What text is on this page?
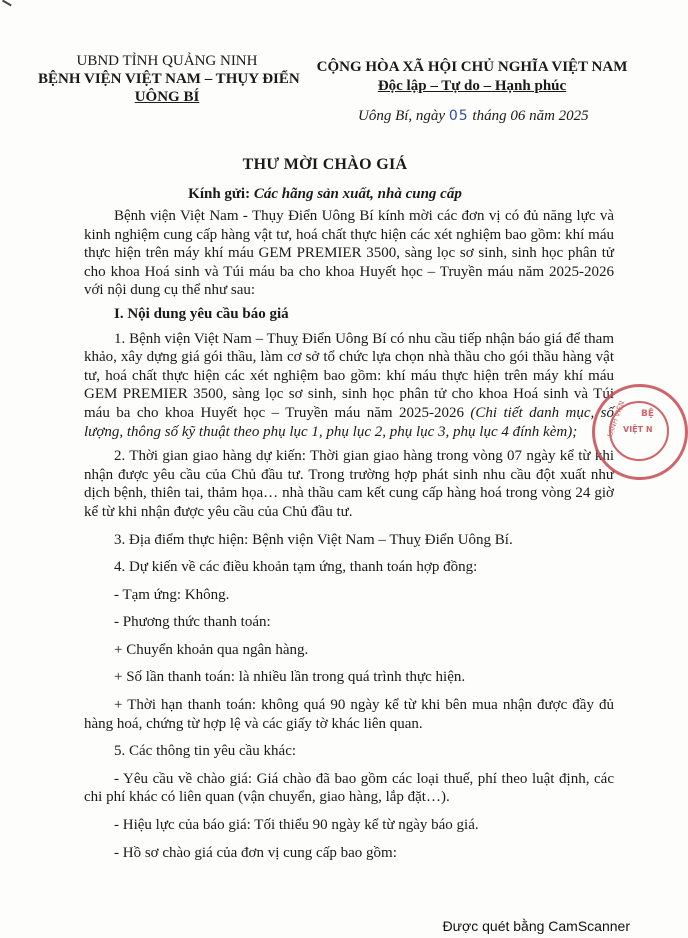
UBND TỈNH QUẢNG NINH
BỆNH VIỆN VIỆT NAM – THỤY ĐIỂN
UÔNG BÍ
CỘNG HÒA XÃ HỘI CHỦ NGHĨA VIỆT NAM
Độc lập – Tự do – Hạnh phúc
Uông Bí, ngày 05 tháng 06 năm 2025
THƯ MỜI CHÀO GIÁ
Kính gửi: Các hãng sản xuất, nhà cung cấp

Bệnh viện Việt Nam - Thụy Điển Uông Bí kính mời các đơn vị có đủ năng lực và kinh nghiệm cung cấp hàng vật tư, hoá chất thực hiện các xét nghiệm bao gồm: khí máu thực hiện trên máy khí máu GEM PREMIER 3500, sàng lọc sơ sinh, sinh học phân tử cho khoa Hoá sinh và Túi máu ba cho khoa Huyết học – Truyền máu năm 2025-2026 với nội dung cụ thể như sau:

I. Nội dung yêu cầu báo giá

1. Bệnh viện Việt Nam – Thuỵ Điển Uông Bí có nhu cầu tiếp nhận báo giá để tham khảo, xây dựng giá gói thầu, làm cơ sở tổ chức lựa chọn nhà thầu cho gói thầu hàng vật tư, hoá chất thực hiện các xét nghiệm bao gồm: khí máu thực hiện trên máy khí máu GEM PREMIER 3500, sàng lọc sơ sinh, sinh học phân tử cho khoa Hoá sinh và Túi máu ba cho khoa Huyết học – Truyền máu năm 2025-2026 (Chi tiết danh mục, số lượng, thông số kỹ thuật theo phụ lục 1, phụ lục 2, phụ lục 3, phụ lục 4 đính kèm);

2. Thời gian giao hàng dự kiến: Thời gian giao hàng trong vòng 07 ngày kể từ khi nhận được yêu cầu của Chủ đầu tư. Trong trường hợp phát sinh nhu cầu đột xuất như dịch bệnh, thiên tai, thảm họa… nhà thầu cam kết cung cấp hàng hoá trong vòng 24 giờ kể từ khi nhận được yêu cầu của Chủ đầu tư.

3. Địa điểm thực hiện: Bệnh viện Việt Nam – Thuỵ Điển Uông Bí.

4. Dự kiến về các điều khoản tạm ứng, thanh toán hợp đồng:

- Tạm ứng: Không.

- Phương thức thanh toán:

+ Chuyển khoản qua ngân hàng.

+ Số lần thanh toán: là nhiều lần trong quá trình thực hiện.

+ Thời hạn thanh toán: không quá 90 ngày kể từ khi bên mua nhận được đầy đủ hàng hoá, chứng từ hợp lệ và các giấy tờ khác liên quan.

5. Các thông tin yêu cầu khác:

- Yêu cầu về chào giá: Giá chào đã bao gồm các loại thuế, phí theo luật định, các chi phí khác có liên quan (vận chuyển, giao hàng, lắp đặt…).

- Hiệu lực của báo giá: Tối thiểu 90 ngày kể từ ngày báo giá.

- Hồ sơ chào giá của đơn vị cung cấp bao gồm:

BỆ
VIỆT N
LẠNH VIỆN
Được quét bằng CamScanner
